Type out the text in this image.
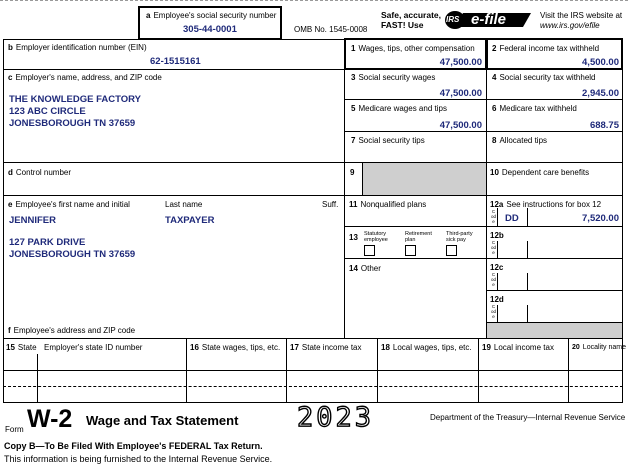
a Employee's social security number
305-44-0001	OMB No. 1545-0008
Safe, accurate,
FAST! Use
IRS e-file	Visit the IRS website at
www.irs.gov/efile
b Employer identification number (EIN)
62-1515161
c Employer's name, address, and ZIP code
THE KNOWLEDGE FACTORY
123 ABC CIRCLE
JONESBOROUGH TN 37659
d Control number
e Employee's first name and initial	Last name	Suff.
JENNIFER	TAXPAYER
127 PARK DRIVE
JONESBOROUGH TN 37659
f Employee's address and ZIP code
1 Wages, tips, other compensation
47,500.00
3 Social security wages
47,500.00
5 Medicare wages and tips
47,500.00
7 Social security tips
9
11 Nonqualified plans
13	Statutory employee
Retirement plan
Third-party sick pay
14 Other
2 Federal income tax withheld
4,500.00
4 Social security tax withheld
2,945.00
6 Medicare tax withheld
688.75
8 Allocated tips
10 Dependent care benefits
12a See instructions for box 12
Code DD	7,520.00
12b
Code
12c
Code
12d
Code
15 State Employer's state ID number	16 State wages, tips, etc. 17 State income tax 18 Local wages, tips, etc. 19 Local income tax	20 Locality name
Form W-2 Wage and Tax Statement 2023	Department of the Treasury—Internal Revenue Service
Copy B—To Be Filed With Employee's FEDERAL Tax Return.
This information is being furnished to the Internal Revenue Service.
